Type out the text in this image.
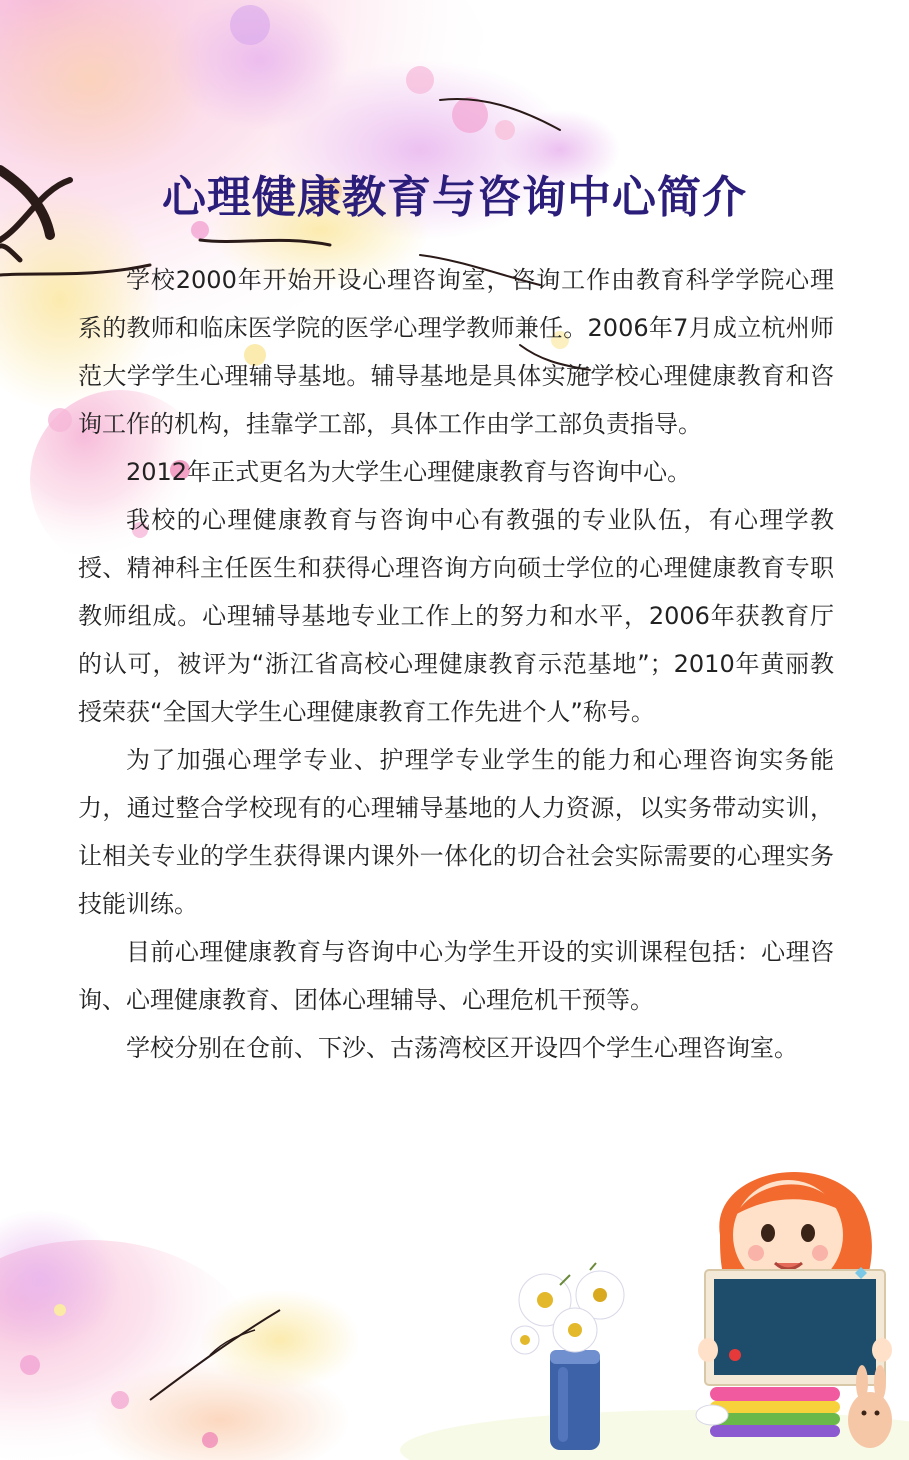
心理健康教育与咨询中心简介

学校2000年开始开设心理咨询室，咨询工作由教育科学学院心理系的教师和临床医学院的医学心理学教师兼任。2006年7月成立杭州师范大学学生心理辅导基地。辅导基地是具体实施学校心理健康教育和咨询工作的机构，挂靠学工部，具体工作由学工部负责指导。

2012年正式更名为大学生心理健康教育与咨询中心。

我校的心理健康教育与咨询中心有教强的专业队伍，有心理学教授、精神科主任医生和获得心理咨询方向硕士学位的心理健康教育专职教师组成。心理辅导基地专业工作上的努力和水平，2006年获教育厅的认可，被评为“浙江省高校心理健康教育示范基地”；2010年黄丽教授荣获“全国大学生心理健康教育工作先进个人”称号。

为了加强心理学专业、护理学专业学生的能力和心理咨询实务能力，通过整合学校现有的心理辅导基地的人力资源，以实务带动实训，让相关专业的学生获得课内课外一体化的切合社会实际需要的心理实务技能训练。

目前心理健康教育与咨询中心为学生开设的实训课程包括：心理咨询、心理健康教育、团体心理辅导、心理危机干预等。

学校分别在仓前、下沙、古荡湾校区开设四个学生心理咨询室。
